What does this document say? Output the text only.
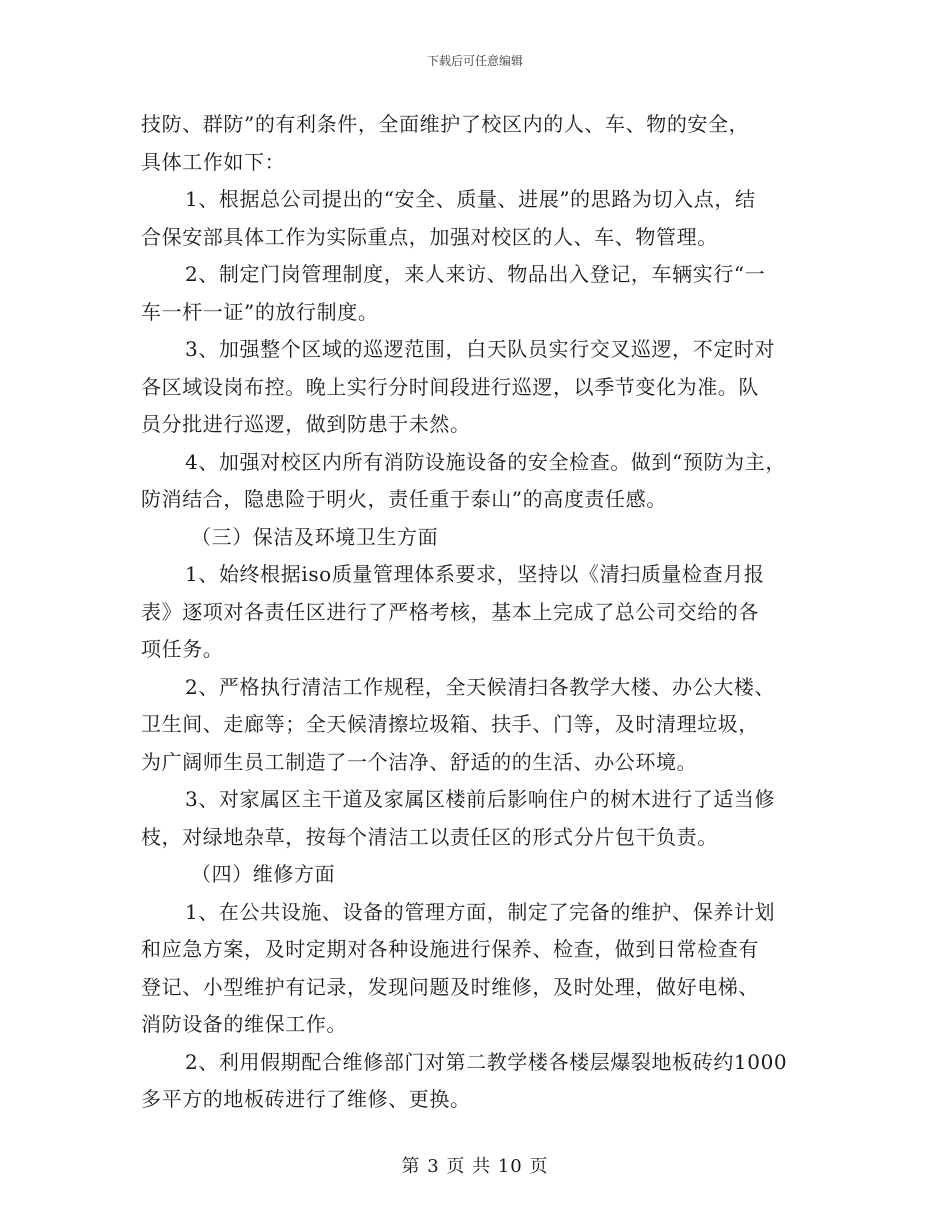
下载后可任意编辑
技防、群防”的有利条件，全面维护了校区内的人、车、物的安全，
具体工作如下：
1、根据总公司提出的“安全、质量、进展”的思路为切入点，结
合保安部具体工作为实际重点，加强对校区的人、车、物管理。
2、制定门岗管理制度，来人来访、物品出入登记，车辆实行“一
车一杆一证”的放行制度。
3、加强整个区域的巡逻范围，白天队员实行交叉巡逻，不定时对
各区域设岗布控。晚上实行分时间段进行巡逻，以季节变化为准。队
员分批进行巡逻，做到防患于未然。
4、加强对校区内所有消防设施设备的安全检查。做到“预防为主，
防消结合，隐患险于明火，责任重于泰山”的高度责任感。
（三）保洁及环境卫生方面
1、始终根据iso质量管理体系要求，坚持以《清扫质量检查月报
表》逐项对各责任区进行了严格考核，基本上完成了总公司交给的各
项任务。
2、严格执行清洁工作规程，全天候清扫各教学大楼、办公大楼、
卫生间、走廊等；全天候清擦垃圾箱、扶手、门等，及时清理垃圾，
为广阔师生员工制造了一个洁净、舒适的的生活、办公环境。
3、对家属区主干道及家属区楼前后影响住户的树木进行了适当修
枝，对绿地杂草，按每个清洁工以责任区的形式分片包干负责。
（四）维修方面
1、在公共设施、设备的管理方面，制定了完备的维护、保养计划
和应急方案，及时定期对各种设施进行保养、检查，做到日常检查有
登记、小型维护有记录，发现问题及时维修，及时处理，做好电梯、
消防设备的维保工作。
2、利用假期配合维修部门对第二教学楼各楼层爆裂地板砖约1000
多平方的地板砖进行了维修、更换。
第 3 页 共 10 页
